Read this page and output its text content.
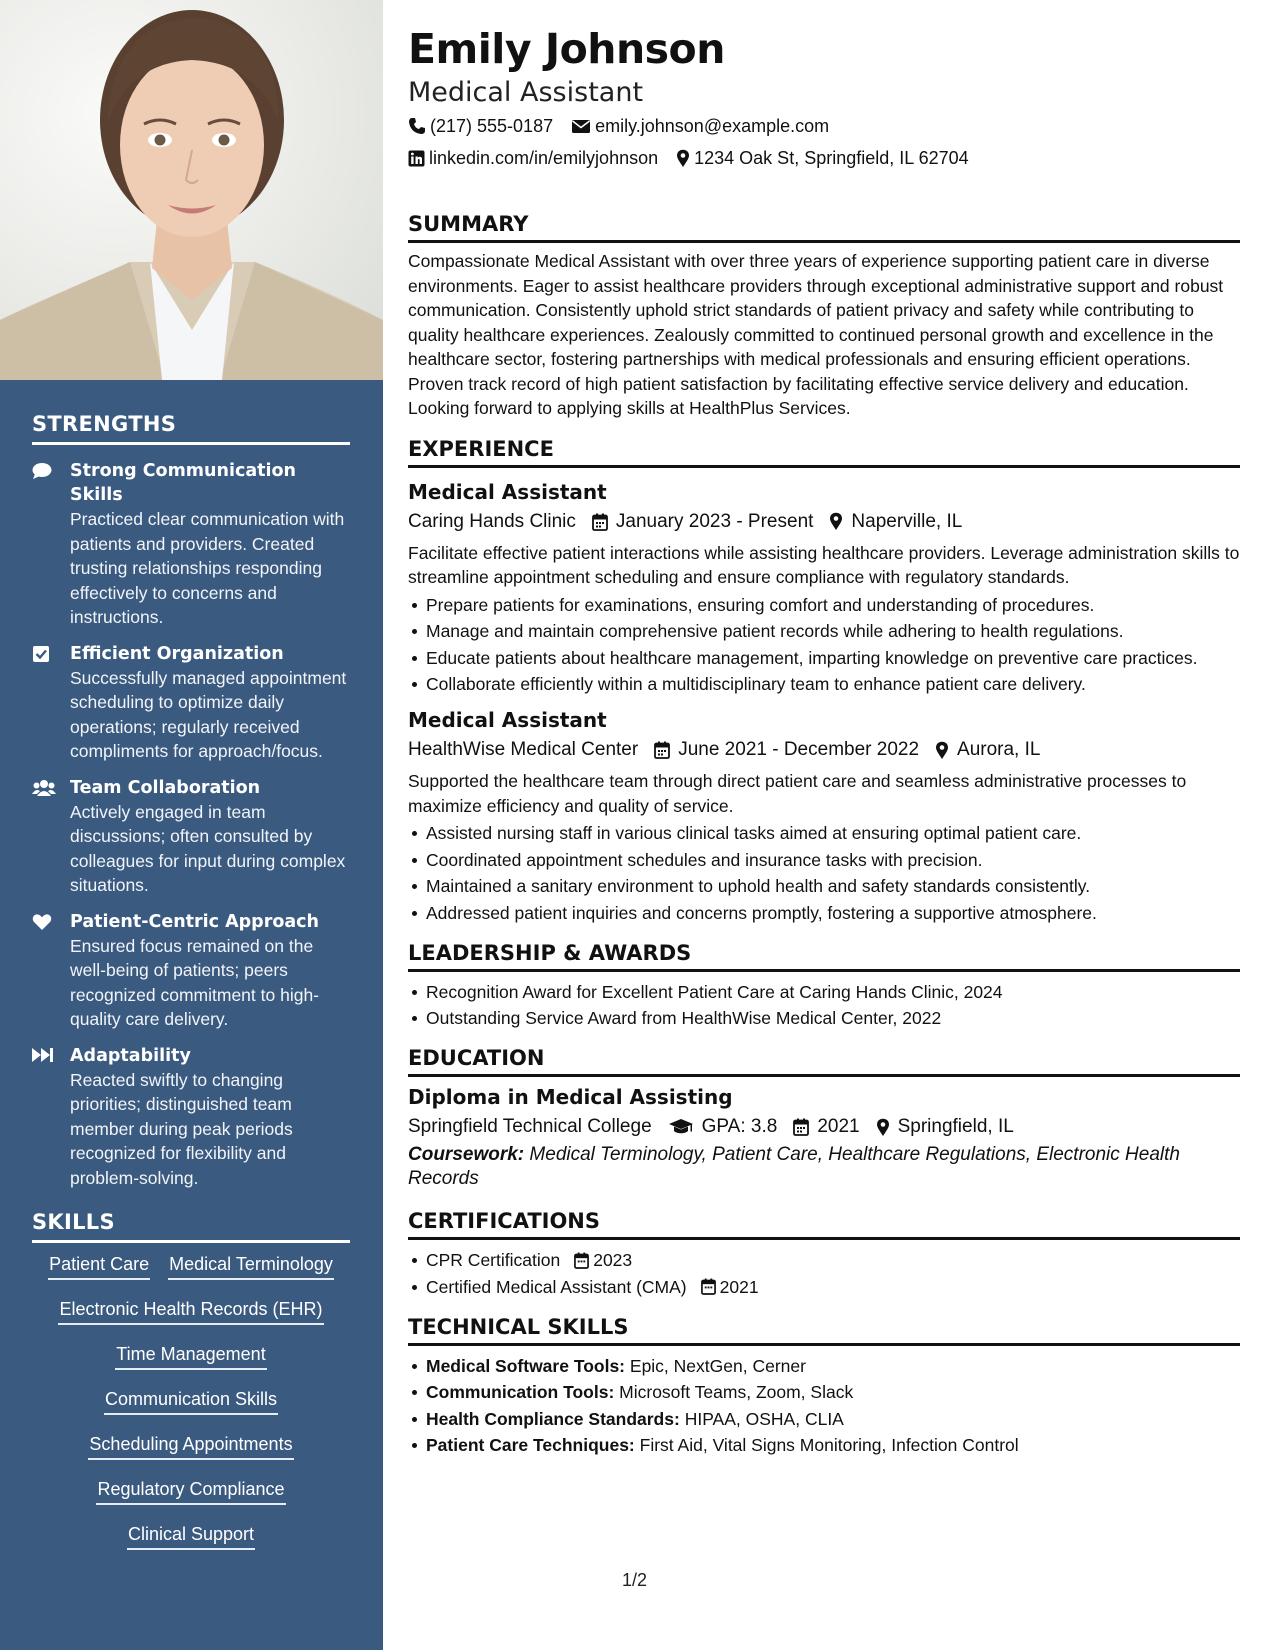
STRENGTHS
Strong Communication Skills
Practiced clear communication with patients and providers. Created trusting relationships responding effectively to concerns and instructions.
Efficient Organization
Successfully managed appointment scheduling to optimize daily operations; regularly received compliments for approach/focus.
Team Collaboration
Actively engaged in team discussions; often consulted by colleagues for input during complex situations.
Patient-Centric Approach
Ensured focus remained on the well-being of patients; peers recognized commitment to high-quality care delivery.
Adaptability
Reacted swiftly to changing priorities; distinguished team member during peak periods recognized for flexibility and problem-solving.
SKILLS
Patient Care Medical Terminology
Electronic Health Records (EHR)
Time Management
Communication Skills
Scheduling Appointments
Regulatory Compliance
Clinical Support
Emily Johnson
Medical Assistant
(217) 555-0187 emily.johnson@example.com
linkedin.com/in/emilyjohnson 1234 Oak St, Springfield, IL 62704
SUMMARY

Compassionate Medical Assistant with over three years of experience supporting patient care in diverse environments. Eager to assist healthcare providers through exceptional administrative support and robust communication. Consistently uphold strict standards of patient privacy and safety while contributing to quality healthcare experiences. Zealously committed to continued personal growth and excellence in the healthcare sector, fostering partnerships with medical professionals and ensuring efficient operations. Proven track record of high patient satisfaction by facilitating effective service delivery and education. Looking forward to applying skills at HealthPlus Services.

EXPERIENCE
Medical Assistant
Caring Hands Clinic January 2023 - Present Naperville, IL

Facilitate effective patient interactions while assisting healthcare providers. Leverage administration skills to streamline appointment scheduling and ensure compliance with regulatory standards.

Prepare patients for examinations, ensuring comfort and understanding of procedures.
Manage and maintain comprehensive patient records while adhering to health regulations.
Educate patients about healthcare management, imparting knowledge on preventive care practices.
Collaborate efficiently within a multidisciplinary team to enhance patient care delivery.
Medical Assistant
HealthWise Medical Center June 2021 - December 2022 Aurora, IL

Supported the healthcare team through direct patient care and seamless administrative processes to maximize efficiency and quality of service.

Assisted nursing staff in various clinical tasks aimed at ensuring optimal patient care.
Coordinated appointment schedules and insurance tasks with precision.
Maintained a sanitary environment to uphold health and safety standards consistently.
Addressed patient inquiries and concerns promptly, fostering a supportive atmosphere.
LEADERSHIP & AWARDS
Recognition Award for Excellent Patient Care at Caring Hands Clinic, 2024
Outstanding Service Award from HealthWise Medical Center, 2022
EDUCATION
Diploma in Medical Assisting
Springfield Technical College	GPA: 3.8 2021 Springfield, IL

Coursework: Medical Terminology, Patient Care, Healthcare Regulations, Electronic Health Records

CERTIFICATIONS
CPR Certification 2023
Certified Medical Assistant (CMA) 2021
TECHNICAL SKILLS
Medical Software Tools: Epic, NextGen, Cerner
Communication Tools: Microsoft Teams, Zoom, Slack
Health Compliance Standards: HIPAA, OSHA, CLIA
Patient Care Techniques: First Aid, Vital Signs Monitoring, Infection Control
1/2
